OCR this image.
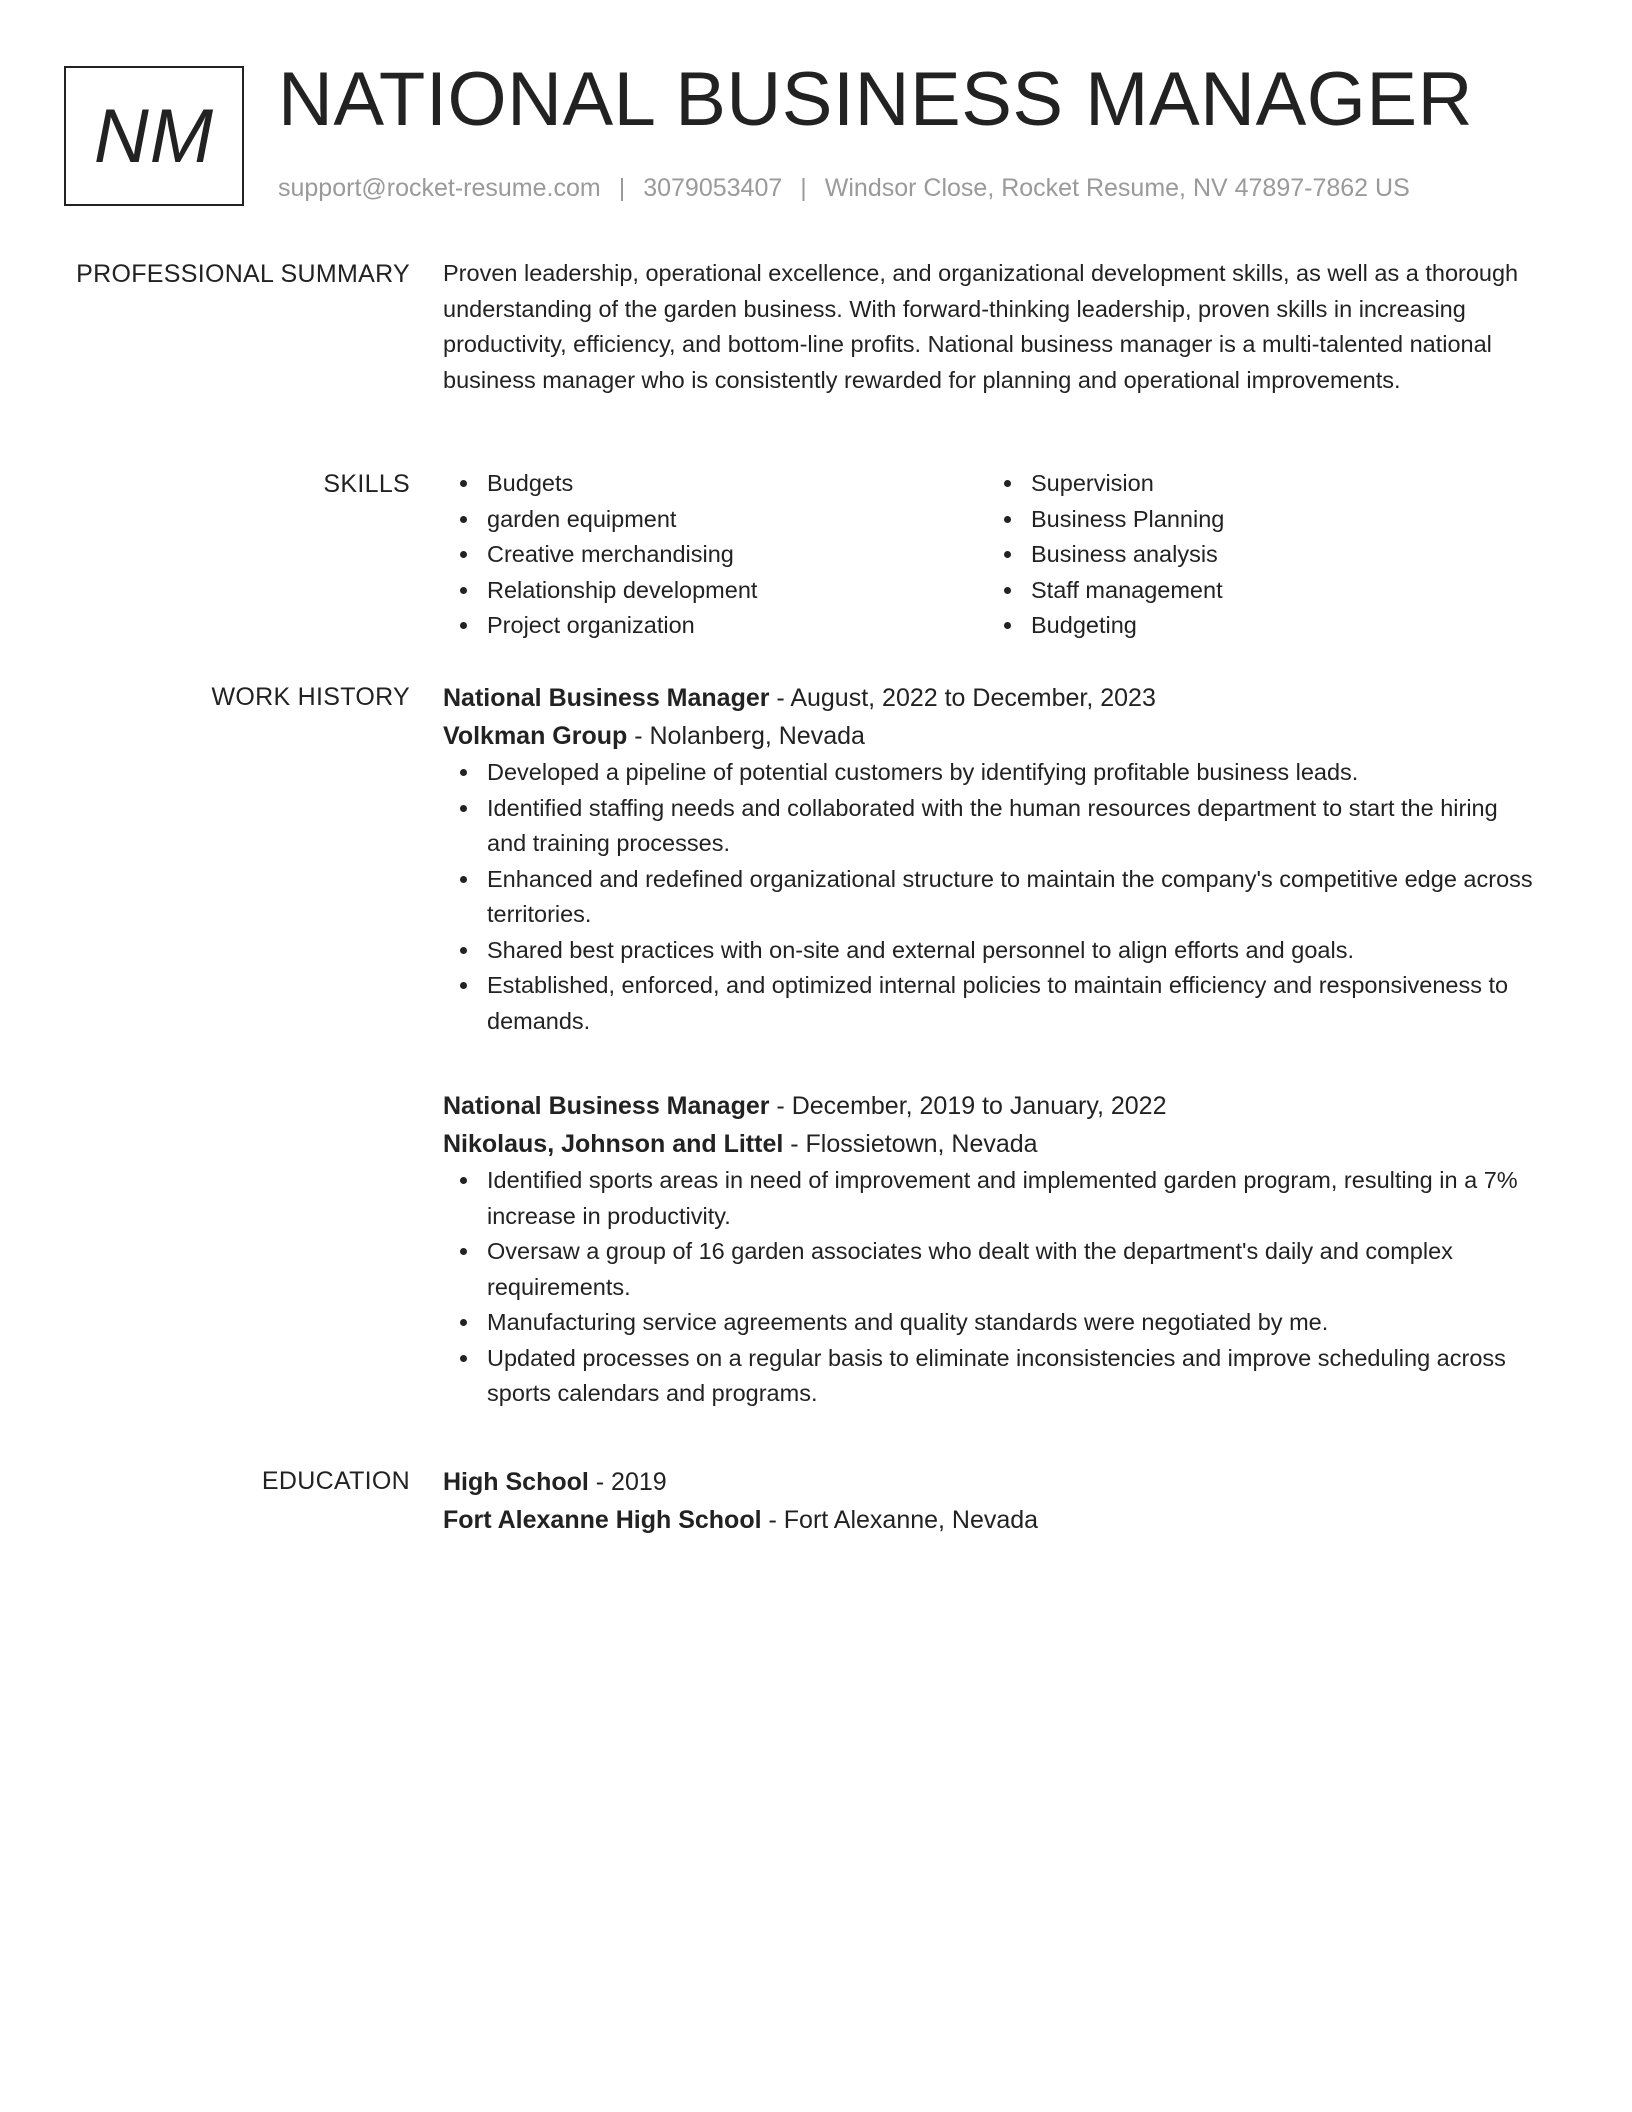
NM NATIONAL BUSINESS MANAGER
support@rocket-resume.com | 3079053407 | Windsor Close, Rocket Resume, NV 47897-7862 US
PROFESSIONAL SUMMARY Proven leadership, operational excellence, and organizational development skills, as well as a thorough understanding of the garden business. With forward-thinking leadership, proven skills in increasing productivity, efficiency, and bottom-line profits. National business manager is a multi-talented national business manager who is consistently rewarded for planning and operational improvements.

SKILLS	Budgets
garden equipment
Creative merchandising
Relationship development
Project organization
Supervision
Business Planning
Business analysis
Staff management
Budgeting
WORK HISTORY National Business Manager - August, 2022 to December, 2023
Volkman Group - Nolanberg, Nevada
Developed a pipeline of potential customers by identifying profitable business leads.
Identified staffing needs and collaborated with the human resources department to start the hiring and training processes.
Enhanced and redefined organizational structure to maintain the company's competitive edge across territories.
Shared best practices with on-site and external personnel to align efforts and goals.
Established, enforced, and optimized internal policies to maintain efficiency and responsiveness to demands.
National Business Manager - December, 2019 to January, 2022
Nikolaus, Johnson and Littel - Flossietown, Nevada
Identified sports areas in need of improvement and implemented garden program, resulting in a 7% increase in productivity.
Oversaw a group of 16 garden associates who dealt with the department's daily and complex requirements.
Manufacturing service agreements and quality standards were negotiated by me.
Updated processes on a regular basis to eliminate inconsistencies and improve scheduling across sports calendars and programs.
EDUCATION High School - 2019
Fort Alexanne High School - Fort Alexanne, Nevada
